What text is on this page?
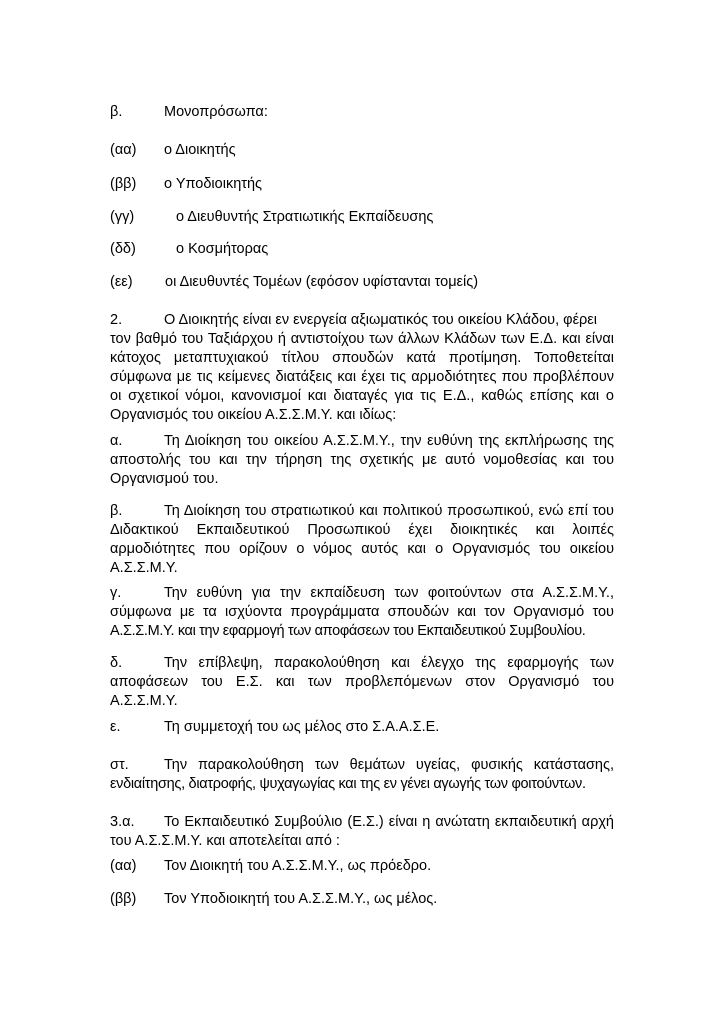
β.	Μονοπρόσωπα:
(αα) ο Διοικητής
(ββ) ο Υποδιοικητής
(γγ)	ο Διευθυντής Στρατιωτικής Εκπαίδευσης
(δδ)	ο Κοσμήτορας
(εε) οι Διευθυντές Τομέων (εφόσον υφίστανται τομείς)
2.	Ο Διοικητής είναι εν ενεργεία αξιωματικός του οικείου Κλάδου, φέρει
τον βαθμό του Ταξιάρχου ή αντιστοίχου των άλλων Κλάδων των Ε.Δ. και είναι
κάτοχος μεταπτυχιακού τίτλου σπουδών κατά προτίμηση. Τοποθετείται
σύμφωνα με τις κείμενες διατάξεις και έχει τις αρμοδιότητες που προβλέπουν
οι σχετικοί νόμοι, κανονισμοί και διαταγές για τις Ε.Δ., καθώς επίσης και ο
Οργανισμός του οικείου Α.Σ.Σ.Μ.Υ. και ιδίως:
α.	Τη Διοίκηση του οικείου Α.Σ.Σ.Μ.Υ., την ευθύνη της εκπλήρωσης της
αποστολής του και την τήρηση της σχετικής με αυτό νομοθεσίας και του
Οργανισμού του.
β.	Τη Διοίκηση του στρατιωτικού και πολιτικού προσωπικού, ενώ επί του
Διδακτικού Εκπαιδευτικού Προσωπικού έχει διοικητικές και λοιπές
αρμοδιότητες που ορίζουν ο νόμος αυτός και ο Οργανισμός του οικείου
Α.Σ.Σ.Μ.Υ.
γ.	Την ευθύνη για την εκπαίδευση των φοιτούντων στα Α.Σ.Σ.Μ.Υ.,
σύμφωνα με τα ισχύοντα προγράμματα σπουδών και τον Οργανισμό του
Α.Σ.Σ.Μ.Υ. και την εφαρμογή των αποφάσεων του Εκπαιδευτικού Συμβουλίου.
δ.	Την επίβλεψη, παρακολούθηση και έλεγχο της εφαρμογής των
αποφάσεων του Ε.Σ. και των προβλεπόμενων στον Οργανισμό του
Α.Σ.Σ.Μ.Υ.
ε.	Τη συμμετοχή του ως μέλος στο Σ.Α.Α.Σ.Ε.
στ. Την παρακολούθηση των θεμάτων υγείας, φυσικής κατάστασης,
ενδιαίτησης, διατροφής, ψυχαγωγίας και της εν γένει αγωγής των φοιτούντων.
3.α. Το Εκπαιδευτικό Συμβούλιο (Ε.Σ.) είναι η ανώτατη εκπαιδευτική αρχή
του Α.Σ.Σ.Μ.Υ. και αποτελείται από :
(αα) Τον Διοικητή του Α.Σ.Σ.Μ.Υ., ως πρόεδρο.
(ββ) Τον Υποδιοικητή του Α.Σ.Σ.Μ.Υ., ως μέλος.
